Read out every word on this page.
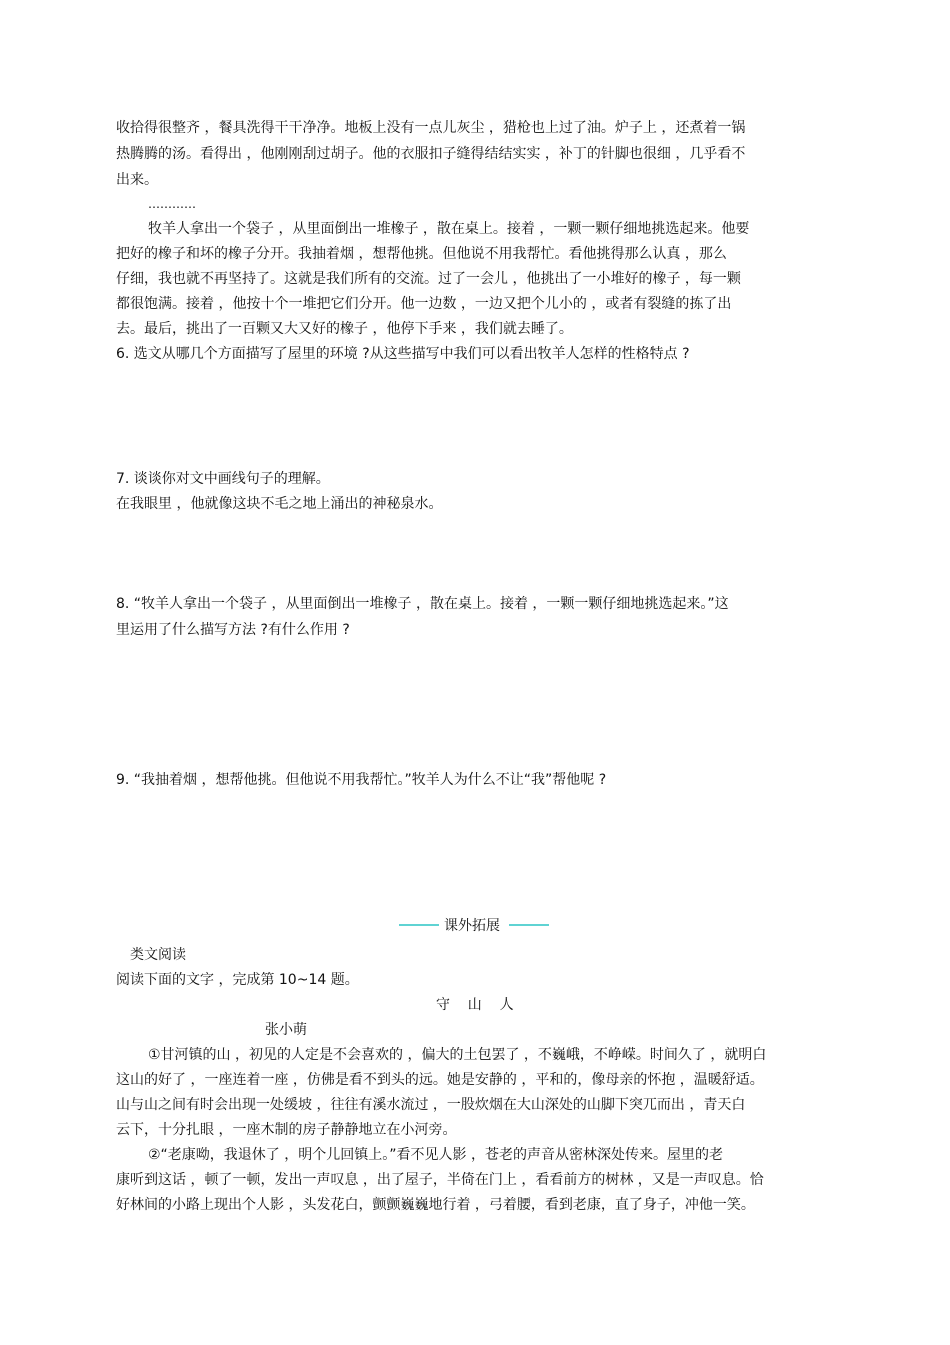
收拾得很整齐 ，餐具洗得干干净净。地板上没有一点儿灰尘 ，猎枪也上过了油。炉子上 ，还煮着一锅
热腾腾的汤。看得出 ，他刚刚刮过胡子。他的衣服扣子缝得结结实实 ，补丁的针脚也很细 ，几乎看不
出来。
…………
牧羊人拿出一个袋子 ，从里面倒出一堆橡子 ，散在桌上。接着 ，一颗一颗仔细地挑选起来。他要
把好的橡子和坏的橡子分开。我抽着烟 ，想帮他挑。但他说不用我帮忙。看他挑得那么认真 ，那么
仔细，我也就不再坚持了。这就是我们所有的交流。过了一会儿 ，他挑出了一小堆好的橡子 ，每一颗
都很饱满。接着 ，他按十个一堆把它们分开。他一边数 ，一边又把个儿小的 ，或者有裂缝的拣了出
去。最后，挑出了一百颗又大又好的橡子 ，他停下手来 ，我们就去睡了。
6. 选文从哪几个方面描写了屋里的环境 ?从这些描写中我们可以看出牧羊人怎样的性格特点 ?
7. 谈谈你对文中画线句子的理解。
在我眼里 ，他就像这块不毛之地上涌出的神秘泉水。
8. “牧羊人拿出一个袋子 ，从里面倒出一堆橡子 ，散在桌上。接着 ，一颗一颗仔细地挑选起来。”这
里运用了什么描写方法 ?有什么作用 ?
9. “我抽着烟 ，想帮他挑。但他说不用我帮忙。”牧羊人为什么不让“我”帮他呢 ?
课外拓展
类文阅读
阅读下面的文字 ，完成第 10~14 题。
守    山    人
张小萌
①甘河镇的山 ，初见的人定是不会喜欢的 ，偏大的土包罢了 ，不巍峨，不峥嵘。时间久了 ，就明白
这山的好了 ，一座连着一座 ，仿佛是看不到头的远。她是安静的 ，平和的，像母亲的怀抱 ，温暖舒适。
山与山之间有时会出现一处缓坡 ，往往有溪水流过 ，一股炊烟在大山深处的山脚下突兀而出 ，青天白
云下，十分扎眼 ，一座木制的房子静静地立在小河旁。
②“老康呦，我退休了 ，明个儿回镇上。”看不见人影 ，苍老的声音从密林深处传来。屋里的老
康听到这话 ，顿了一顿，发出一声叹息 ，出了屋子，半倚在门上 ，看看前方的树林 ，又是一声叹息。恰
好林间的小路上现出个人影 ，头发花白，颤颤巍巍地行着 ，弓着腰，看到老康，直了身子，冲他一笑。
